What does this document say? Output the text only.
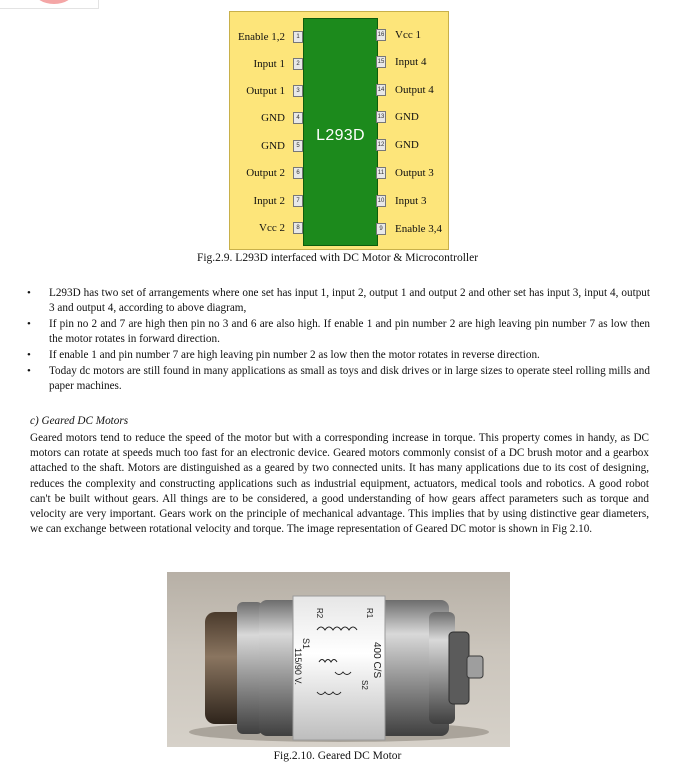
L293D
Enable 1,2	1
Input 1	2
Output 1	3
GND	4
GND	5
Output 2	6
Input 2	7
Vcc 2	8
16 Vcc 1
15 Input 4
14 Output 4
13 GND
12 GND
11 Output 3
10 Input 3
9	Enable 3,4
Fig.2.9. L293D interfaced with DC Motor & Microcontroller
• L293D has two set of arrangements where one set has input 1, input 2, output 1 and output 2 and other set has input 3, input 4, output 3 and output 4, according to above diagram,
• If pin no 2 and 7 are high then pin no 3 and 6 are also high. If enable 1 and pin number 2 are high leaving pin number 7 as low then the motor rotates in forward direction.
• If enable 1 and pin number 7 are high leaving pin number 2 as low then the motor rotates in reverse direction.
• Today dc motors are still found in many applications as small as toys and disk drives or in large sizes to operate steel rolling mills and paper machines.
c) Geared DC Motors

Geared motors tend to reduce the speed of the motor but with a corresponding increase in torque. This property comes in handy, as DC motors can rotate at speeds much too fast for an electronic device. Geared motors commonly consist of a DC brush motor and a gearbox attached to the shaft. Motors are distinguished as a geared by two connected units. It has many applications due to its cost of designing, reduces the complexity and constructing applications such as industrial equipment, actuators, medical tools and robotics. A good robot can't be built without gears. All things are to be considered, a good understanding of how gears affect parameters such as torque and velocity are very important. Gears work on the principle of mechanical advantage. This implies that by using distinctive gear diameters, we can exchange between rotational velocity and torque. The image representation of Geared DC motor is shown in Fig 2.10.

R2	R1
S1
115/90 V.	400 C/S
S2
Fig.2.10. Geared DC Motor
